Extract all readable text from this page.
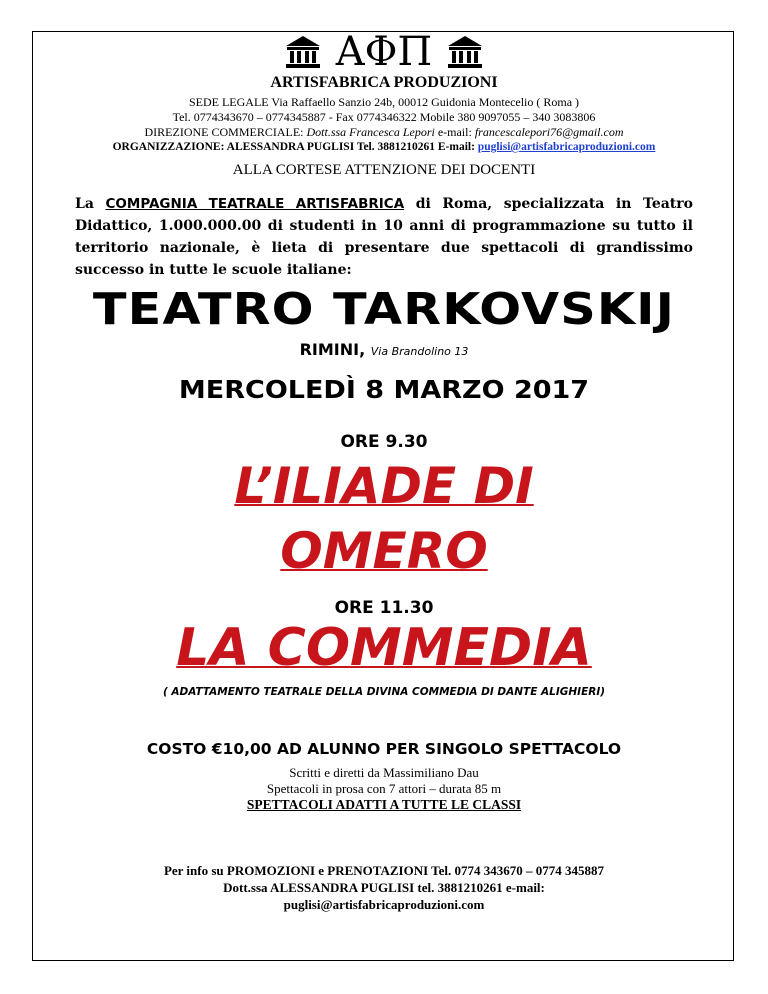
ΑΦΠ
ARTISFABRICA PRODUZIONI
SEDE LEGALE Via Raffaello Sanzio 24b, 00012 Guidonia Montecelio ( Roma )
Tel. 0774343670 – 0774345887 - Fax 0774346322 Mobile 380 9097055 – 340 3083806
DIREZIONE COMMERCIALE: Dott.ssa Francesca Lepori e-mail: francescalepori76@gmail.com
ORGANIZZAZIONE: ALESSANDRA PUGLISI Tel. 3881210261 E-mail: puglisi@artisfabricaproduzioni.com
ALLA CORTESE ATTENZIONE DEI DOCENTI
La COMPAGNIA TEATRALE ARTISFABRICA di Roma, specializzata in Teatro Didattico, 1.000.000.00 di studenti in 10 anni di programmazione su tutto il territorio nazionale, è lieta di presentare due spettacoli di grandissimo successo in tutte le scuole italiane:
TEATRO TARKOVSKIJ
RIMINI, Via Brandolino 13
MERCOLEDÌ 8 MARZO 2017
ORE 9.30
L’ILIADE DI
OMERO
ORE 11.30
LA COMMEDIA
( ADATTAMENTO TEATRALE DELLA DIVINA COMMEDIA DI DANTE ALIGHIERI)
COSTO €10,00 AD ALUNNO PER SINGOLO SPETTACOLO
Scritti e diretti da Massimiliano Dau
Spettacoli in prosa con 7 attori – durata 85 m
SPETTACOLI ADATTI A TUTTE LE CLASSI
Per info su PROMOZIONI e PRENOTAZIONI Tel. 0774 343670 – 0774 345887
Dott.ssa ALESSANDRA PUGLISI tel. 3881210261 e-mail:
puglisi@artisfabricaproduzioni.com
